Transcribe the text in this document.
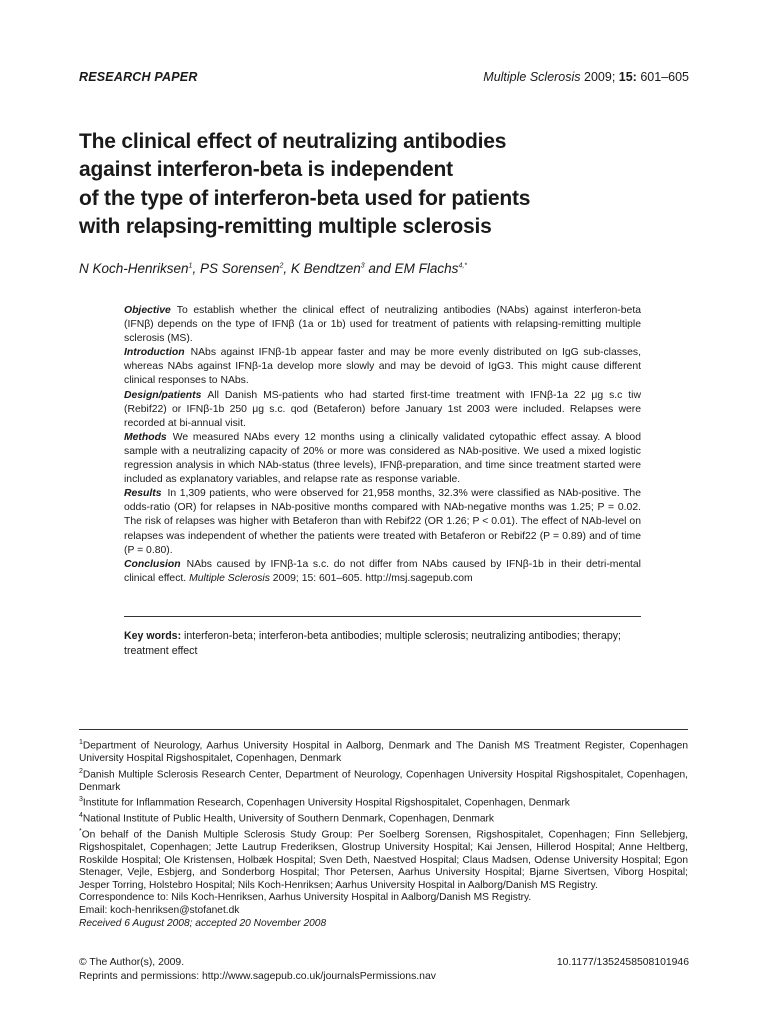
RESEARCH PAPER	Multiple Sclerosis 2009; 15: 601–605
The clinical effect of neutralizing antibodies
against interferon-beta is independent
of the type of interferon-beta used for patients
with relapsing-remitting multiple sclerosis
N Koch-Henriksen$^1$, PS Sorensen$^2$, K Bendtzen$^3$ and EM Flachs$^{4,*}$

Objective To establish whether the clinical effect of neutralizing antibodies (NAbs) against interferon-beta (IFNβ) depends on the type of IFNβ (1a or 1b) used for treatment of patients with relapsing-remitting multiple sclerosis (MS).

Introduction NAbs against IFNβ-1b appear faster and may be more evenly distributed on IgG sub-classes, whereas NAbs against IFNβ-1a develop more slowly and may be devoid of IgG3. This might cause different clinical responses to NAbs.

Design/patients All Danish MS-patients who had started first-time treatment with IFNβ-1a 22 μg s.c tiw (Rebif22) or IFNβ-1b 250 μg s.c. qod (Betaferon) before January 1st 2003 were included. Relapses were recorded at bi-annual visit.

Methods We measured NAbs every 12 months using a clinically validated cytopathic effect assay. A blood sample with a neutralizing capacity of 20% or more was considered as NAb-positive. We used a mixed logistic regression analysis in which NAb-status (three levels), IFNβ-preparation, and time since treatment started were included as explanatory variables, and relapse rate as response variable.

Results In 1,309 patients, who were observed for 21,958 months, 32.3% were classified as NAb-positive. The odds-ratio (OR) for relapses in NAb-positive months compared with NAb-negative months was 1.25; P = 0.02. The risk of relapses was higher with Betaferon than with Rebif22 (OR 1.26; P < 0.01). The effect of NAb-level on relapses was independent of whether the patients were treated with Betaferon or Rebif22 (P = 0.89) and of time (P = 0.80).

Conclusion NAbs caused by IFNβ-1a s.c. do not differ from NAbs caused by IFNβ-1b in their detri-mental clinical effect. Multiple Sclerosis 2009; 15: 601–605. http://msj.sagepub.com

Key words: interferon-beta; interferon-beta antibodies; multiple sclerosis; neutralizing antibodies; therapy; treatment effect

$^1$Department of Neurology, Aarhus University Hospital in Aalborg, Denmark and The Danish MS Treatment Register, Copenhagen University Hospital Rigshospitalet, Copenhagen, Denmark

$^2$Danish Multiple Sclerosis Research Center, Department of Neurology, Copenhagen University Hospital Rigshospitalet, Copenhagen, Denmark

$^3$Institute for Inflammation Research, Copenhagen University Hospital Rigshospitalet, Copenhagen, Denmark

$^4$National Institute of Public Health, University of Southern Denmark, Copenhagen, Denmark

*On behalf of the Danish Multiple Sclerosis Study Group: Per Soelberg Sorensen, Rigshospitalet, Copenhagen; Finn Sellebjerg, Rigshospitalet, Copenhagen; Jette Lautrup Frederiksen, Glostrup University Hospital; Kai Jensen, Hillerod Hospital; Anne Heltberg, Roskilde Hospital; Ole Kristensen, Holbæk Hospital; Sven Deth, Naestved Hospital; Claus Madsen, Odense University Hospital; Egon Stenager, Vejle, Esbjerg, and Sonderborg Hospital; Thor Petersen, Aarhus University Hospital; Bjarne Sivertsen, Viborg Hospital; Jesper Torring, Holstebro Hospital; Nils Koch-Henriksen; Aarhus University Hospital in Aalborg/Danish MS Registry.

Correspondence to: Nils Koch-Henriksen, Aarhus University Hospital in Aalborg/Danish MS Registry.

Email: koch-henriksen@stofanet.dk

Received 6 August 2008; accepted 20 November 2008

© The Author(s), 2009.
Reprints and permissions: http://www.sagepub.co.uk/journalsPermissions.nav
10.1177/1352458508101946
